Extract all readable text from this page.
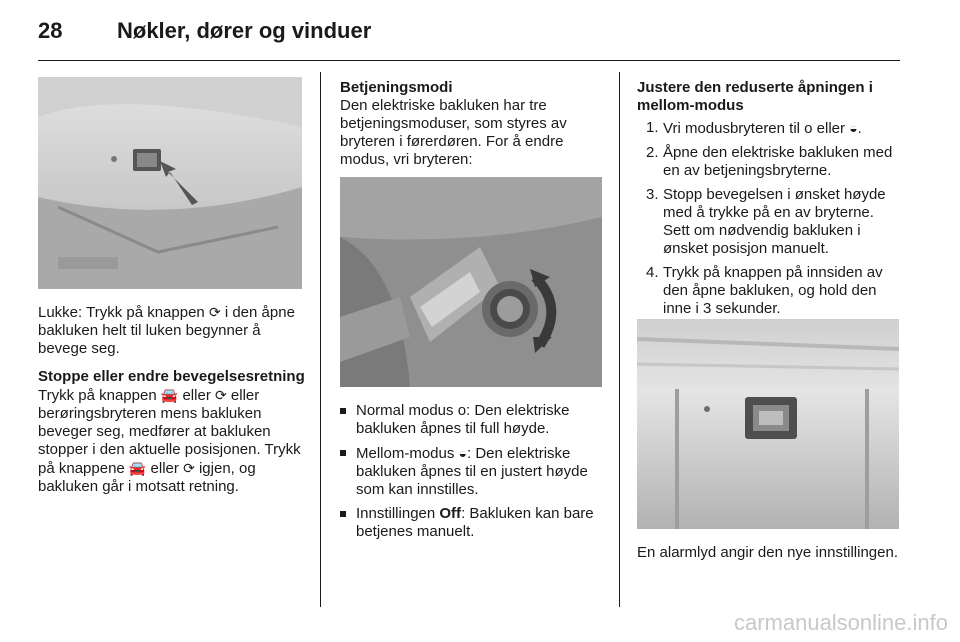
28 Nøkler, dører og vinduer

Lukke: Trykk på knappen ⟳ i den åpne bakluken helt til luken begynner å bevege seg.

Stoppe eller endre bevegelsesretning

Trykk på knappen 🚘 eller ⟳ eller berøringsbryteren mens bakluken beveger seg, medfører at bakluken stopper i den aktuelle posisjonen. Trykk på knappene 🚘 eller ⟳ igjen, og bakluken går i motsatt retning.

Betjeningsmodi

Den elektriske bakluken har tre betjeningsmoduser, som styres av bryteren i førerdøren. For å endre modus, vri bryteren:

Normal modus o: Den elektriske bakluken åpnes til full høyde.
Mellom-modus ◒: Den elektriske bakluken åpnes til en justert høyde som kan innstilles.
Innstillingen Off: Bakluken kan bare betjenes manuelt.

Justere den reduserte åpningen i mellom-modus

1. Vri modusbryteren til o eller ◒.
2. Åpne den elektriske bakluken med en av betjeningsbryterne.
3. Stopp bevegelsen i ønsket høyde med å trykke på en av bryterne. Sett om nødvendig bakluken i ønsket posisjon manuelt.
4. Trykk på knappen på innsiden av den åpne bakluken, og hold den inne i 3 sekunder.

En alarmlyd angir den nye innstillingen.

carmanualsonline.info
